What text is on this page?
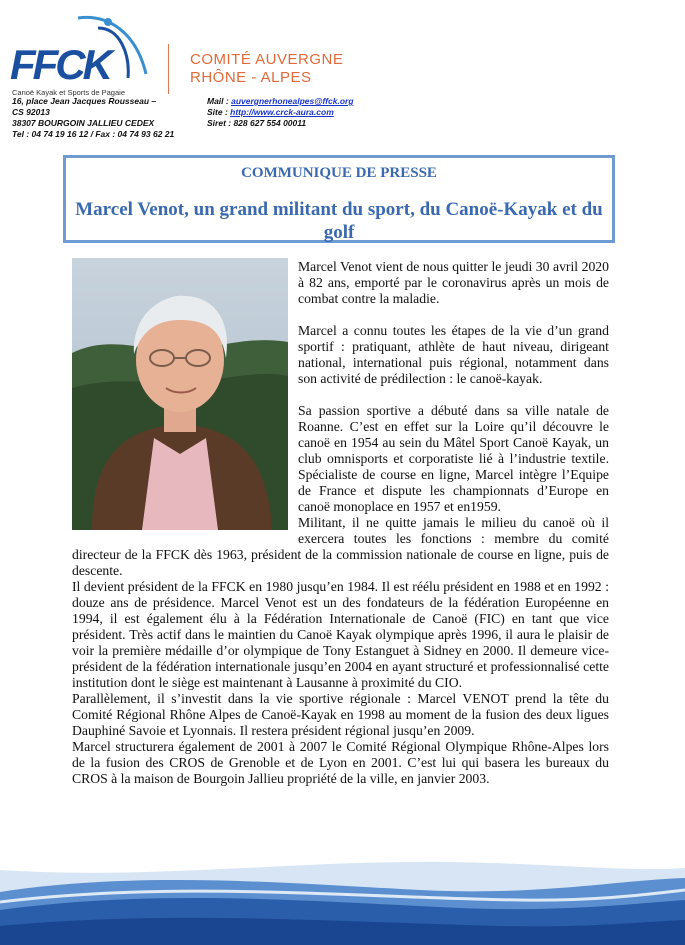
FFCK
Canoë Kayak et Sports de Pagaie
COMITÉ AUVERGNE
RHÔNE - ALPES
16, place Jean Jacques Rousseau –
CS 92013
38307 BOURGOIN JALLIEU CEDEX
Tel : 04 74 19 16 12 / Fax : 04 74 93 62 21
Mail : auvergnerhonealpes@ffck.org
Site : http://www.crck-aura.com
Siret : 828 627 554 00011
COMMUNIQUE DE PRESSE
Marcel Venot, un grand militant du sport, du Canoë-Kayak et du golf

Marcel Venot vient de nous quitter le jeudi 30 avril 2020 à 82 ans, emporté par le coronavirus après un mois de combat contre la maladie.

Marcel a connu toutes les étapes de la vie d’un grand sportif : pratiquant, athlète de haut niveau, dirigeant national, international puis régional, notamment dans son activité de prédilection : le canoë-kayak.

Sa passion sportive a débuté dans sa ville natale de Roanne. C’est en effet sur la Loire qu’il découvre le canoë en 1954 au sein du Mâtel Sport Canoë Kayak, un club omnisports et corporatiste lié à l’industrie textile. Spécialiste de course en ligne, Marcel intègre l’Equipe de France et dispute les championnats d’Europe en canoë monoplace en 1957 et en1959.

Militant, il ne quitte jamais le milieu du canoë où il exercera toutes les fonctions : membre du comité directeur de la FFCK dès 1963, président de la commission nationale de course en ligne, puis de descente.

Il devient président de la FFCK en 1980 jusqu’en 1984. Il est réélu président en 1988 et en 1992 : douze ans de présidence. Marcel Venot est un des fondateurs de la fédération Européenne en 1994, il est également élu à la Fédération Internationale de Canoë (FIC) en tant que vice président. Très actif dans le maintien du Canoë Kayak olympique après 1996, il aura le plaisir de voir la première médaille d’or olympique de Tony Estanguet à Sidney en 2000. Il demeure vice-président de la fédération internationale jusqu’en 2004 en ayant structuré et professionnalisé cette institution dont le siège est maintenant à Lausanne à proximité du CIO.

Parallèlement, il s’investit dans la vie sportive régionale : Marcel VENOT prend la tête du Comité Régional Rhône Alpes de Canoë-Kayak en 1998 au moment de la fusion des deux ligues Dauphiné Savoie et Lyonnais. Il restera président régional jusqu’en 2009.

Marcel structurera également de 2001 à 2007 le Comité Régional Olympique Rhône-Alpes lors de la fusion des CROS de Grenoble et de Lyon en 2001. C’est lui qui basera les bureaux du CROS à la maison de Bourgoin Jallieu propriété de la ville, en janvier 2003.
